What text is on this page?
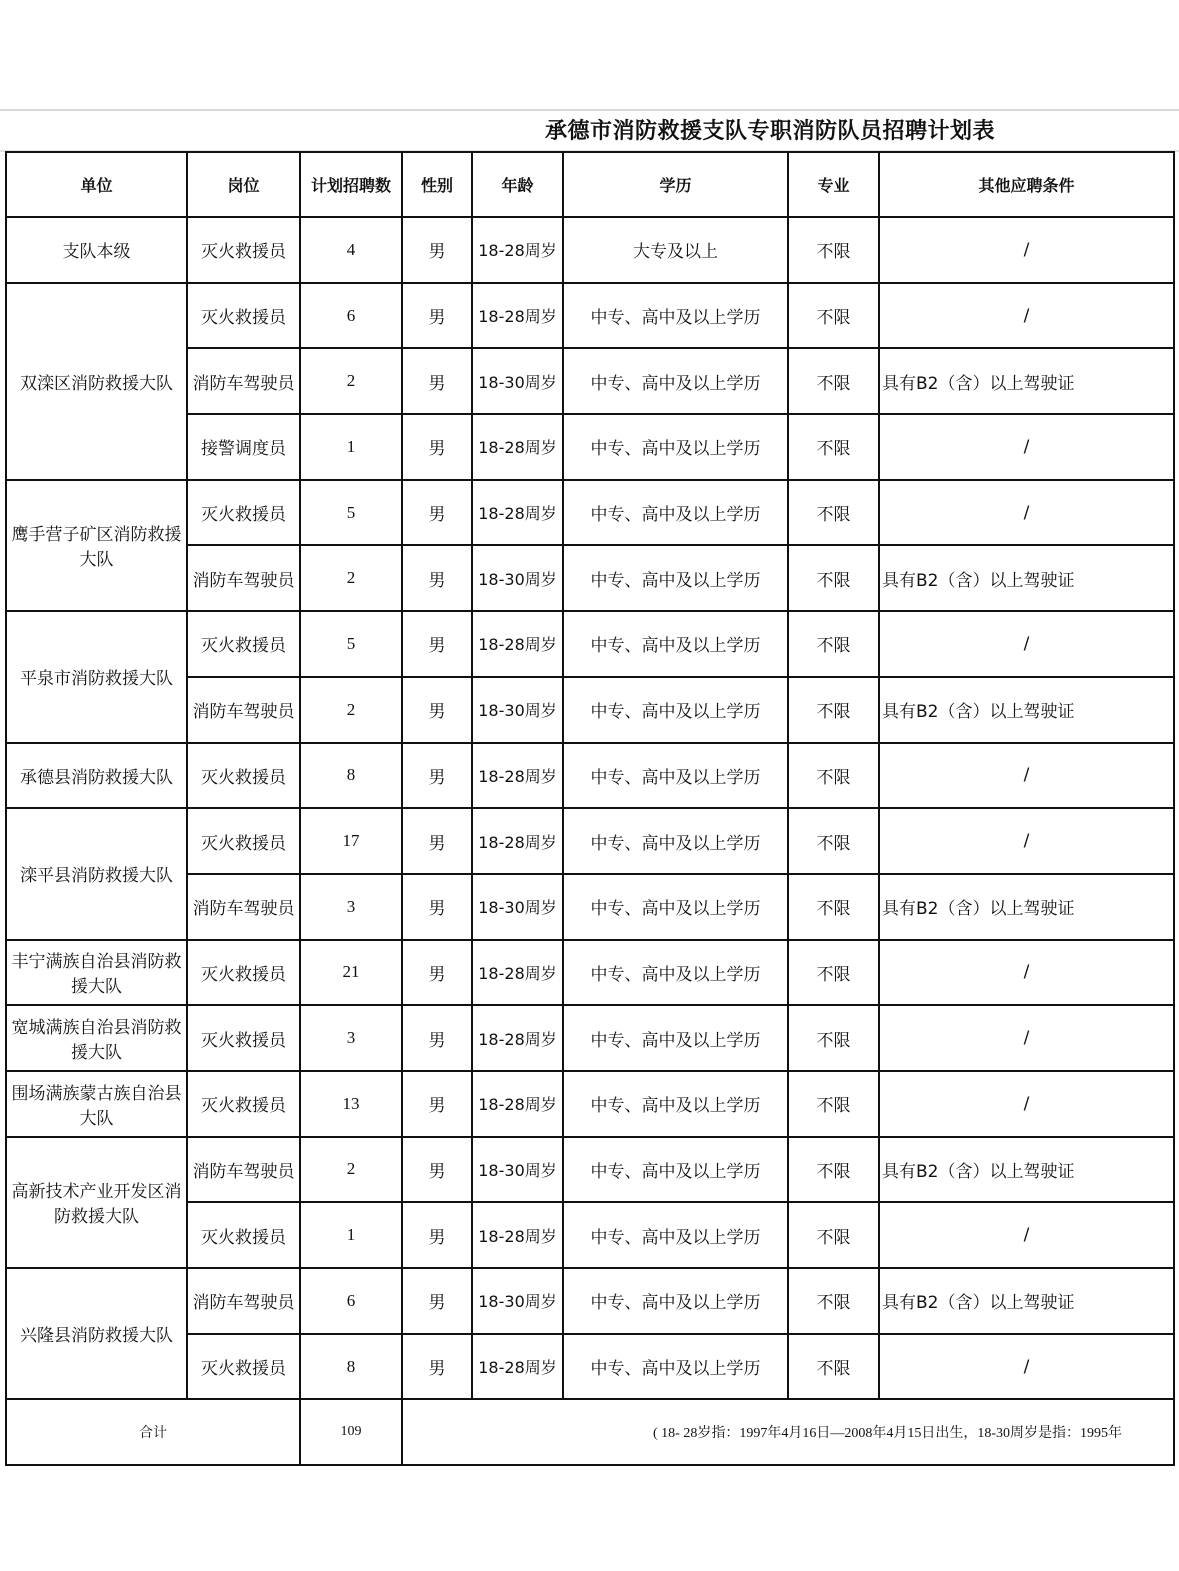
承德市消防救援支队专职消防队员招聘计划表
单位	岗位	计划招聘数	性别	年龄	学历	专业	其他应聘条件
支队本级	灭火救援员	4	男	18-28周岁	大专及以上	不限	/
双滦区消防救援大队	灭火救援员	6	男	18-28周岁	中专、高中及以上学历	不限	/
	消防车驾驶员	2	男	18-30周岁	中专、高中及以上学历	不限	具有B2（含）以上驾驶证
	接警调度员	1	男	18-28周岁	中专、高中及以上学历	不限	/
鹰手营子矿区消防救援大队	灭火救援员	5	男	18-28周岁	中专、高中及以上学历	不限	/
	消防车驾驶员	2	男	18-30周岁	中专、高中及以上学历	不限	具有B2（含）以上驾驶证
平泉市消防救援大队	灭火救援员	5	男	18-28周岁	中专、高中及以上学历	不限	/
	消防车驾驶员	2	男	18-30周岁	中专、高中及以上学历	不限	具有B2（含）以上驾驶证
承德县消防救援大队	灭火救援员	8	男	18-28周岁	中专、高中及以上学历	不限	/
滦平县消防救援大队	灭火救援员	17	男	18-28周岁	中专、高中及以上学历	不限	/
	消防车驾驶员	3	男	18-30周岁	中专、高中及以上学历	不限	具有B2（含）以上驾驶证
丰宁满族自治县消防救援大队	灭火救援员	21	男	18-28周岁	中专、高中及以上学历	不限	/
宽城满族自治县消防救援大队	灭火救援员	3	男	18-28周岁	中专、高中及以上学历	不限	/
围场满族蒙古族自治县大队	灭火救援员	13	男	18-28周岁	中专、高中及以上学历	不限	/
高新技术产业开发区消防救援大队	消防车驾驶员	2	男	18-30周岁	中专、高中及以上学历	不限	具有B2（含）以上驾驶证
	灭火救援员	1	男	18-28周岁	中专、高中及以上学历	不限	/
兴隆县消防救援大队	消防车驾驶员	6	男	18-30周岁	中专、高中及以上学历	不限	具有B2（含）以上驾驶证
	灭火救援员	8	男	18-28周岁	中专、高中及以上学历	不限	/
合计		109	( 18- 28岁指：1997年4月16日—2008年4月15日出生，18-30周岁是指：1995年				
